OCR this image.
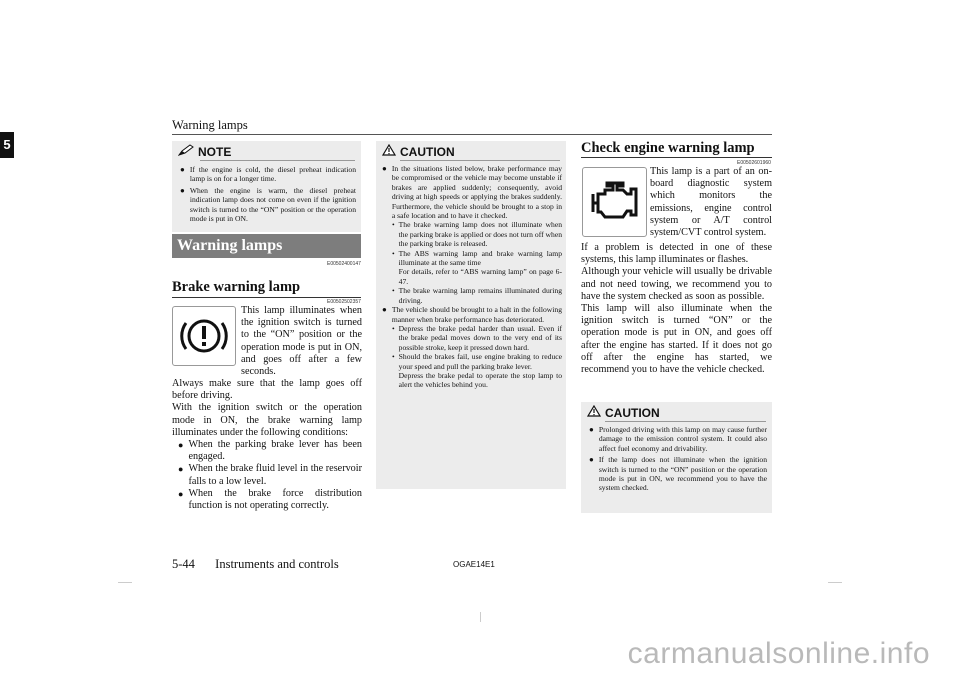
Warning lamps
5	NOTE
● If the engine is cold, the diesel preheat indication lamp is on for a longer time.

● When the engine is warm, the diesel preheat indication lamp does not come on even if the ignition switch is turned to the “ON” position or the operation mode is put in ON.

Warning lamps
E00502400147
Brake warning lamp
E00502502357

This lamp illuminates when the ignition switch is turned to the “ON” position or the operation mode is put in ON, and goes off after a few seconds.

Always make sure that the lamp goes off before driving.

With the ignition switch or the operation mode in ON, the brake warning lamp illuminates under the following conditions:

● When the parking brake lever has been engaged.

● When the brake fluid level in the reservoir falls to a low level.

● When the brake force distribution function is not operating correctly.

CAUTION
● In the situations listed below, brake performance may be compromised or the vehicle may become unstable if brakes are applied suddenly; consequently, avoid driving at high speeds or applying the brakes suddenly. Furthermore, the vehicle should be brought to a stop in a safe location and to have it checked.

• The brake warning lamp does not illuminate when the parking brake is applied or does not turn off when the parking brake is released.

• The ABS warning lamp and brake warning lamp illuminate at the same time

For details, refer to “ABS warning lamp” on page 6-47.

• The brake warning lamp remains illuminated during driving.

● The vehicle should be brought to a halt in the following manner when brake performance has deteriorated.

• Depress the brake pedal harder than usual. Even if the brake pedal moves down to the very end of its possible stroke, keep it pressed down hard.

• Should the brakes fail, use engine braking to reduce your speed and pull the parking brake lever.

Depress the brake pedal to operate the stop lamp to alert the vehicles behind you.

Check engine warning lamp
E00502601960

This lamp is a part of an on-board diagnostic system which monitors the emissions, engine control system or A/T control system/CVT control system.

If a problem is detected in one of these systems, this lamp illuminates or flashes.

Although your vehicle will usually be drivable and not need towing, we recommend you to have the system checked as soon as possible.

This lamp will also illuminate when the ignition switch is turned “ON” or the operation mode is put in ON, and goes off after the engine has started. If it does not go off after the engine has started, we recommend you to have the vehicle checked.

CAUTION
● Prolonged driving with this lamp on may cause further damage to the emission control system. It could also affect fuel economy and drivability.

● If the lamp does not illuminate when the ignition switch is turned to the “ON” position or the operation mode is put in ON, we recommend you to have the system checked.

5-44 Instruments and controls	OGAE14E1
carmanualsonline.info
